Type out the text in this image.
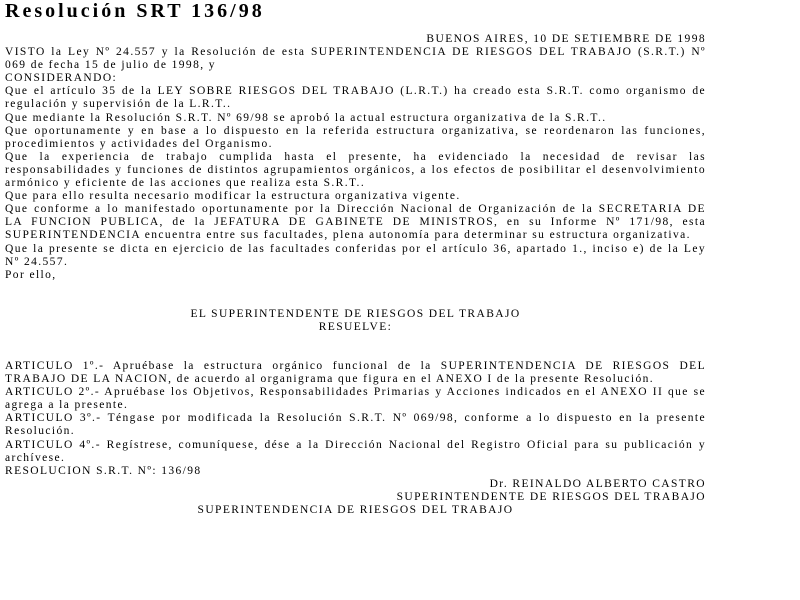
Resolución SRT 136/98

BUENOS AIRES, 10 DE SETIEMBRE DE 1998

VISTO la Ley Nº 24.557 y la Resolución de esta SUPERINTENDENCIA DE RIESGOS DEL TRABAJO (S.R.T.) Nº 069 de fecha 15 de julio de 1998, y

CONSIDERANDO:

Que el artículo 35 de la LEY SOBRE RIESGOS DEL TRABAJO (L.R.T.) ha creado esta S.R.T. como organismo de regulación y supervisión de la L.R.T..

Que mediante la Resolución S.R.T. Nº 69/98 se aprobó la actual estructura organizativa de la S.R.T..

Que oportunamente y en base a lo dispuesto en la referida estructura organizativa, se reordenaron las funciones, procedimientos y actividades del Organismo.

Que la experiencia de trabajo cumplida hasta el presente, ha evidenciado la necesidad de revisar las responsabilidades y funciones de distintos agrupamientos orgánicos, a los efectos de posibilitar el desenvolvimiento armónico y eficiente de las acciones que realiza esta S.R.T..

Que para ello resulta necesario modificar la estructura organizativa vigente.

Que conforme a lo manifestado oportunamente por la Dirección Nacional de Organización de la SECRETARIA DE LA FUNCION PUBLICA, de la JEFATURA DE GABINETE DE MINISTROS, en su Informe Nº 171/98, esta SUPERINTENDENCIA encuentra entre sus facultades, plena autonomía para determinar su estructura organizativa.

Que la presente se dicta en ejercicio de las facultades conferidas por el artículo 36, apartado 1., inciso e) de la Ley Nº 24.557.

Por ello,

EL SUPERINTENDENTE DE RIESGOS DEL TRABAJO

RESUELVE:

ARTICULO 1º.- Apruébase la estructura orgánico funcional de la SUPERINTENDENCIA DE RIESGOS DEL TRABAJO DE LA NACION, de acuerdo al organigrama que figura en el ANEXO I de la presente Resolución.

ARTICULO 2º.- Apruébase los Objetivos, Responsabilidades Primarias y Acciones indicados en el ANEXO II que se agrega a la presente.

ARTICULO 3º.- Téngase por modificada la Resolución S.R.T. Nº 069/98, conforme a lo dispuesto en la presente Resolución.

ARTICULO 4º.- Regístrese, comuníquese, dése a la Dirección Nacional del Registro Oficial para su publicación y archívese.

RESOLUCION S.R.T. Nº: 136/98

Dr. REINALDO ALBERTO CASTRO

SUPERINTENDENTE DE RIESGOS DEL TRABAJO

SUPERINTENDENCIA DE RIESGOS DEL TRABAJO
